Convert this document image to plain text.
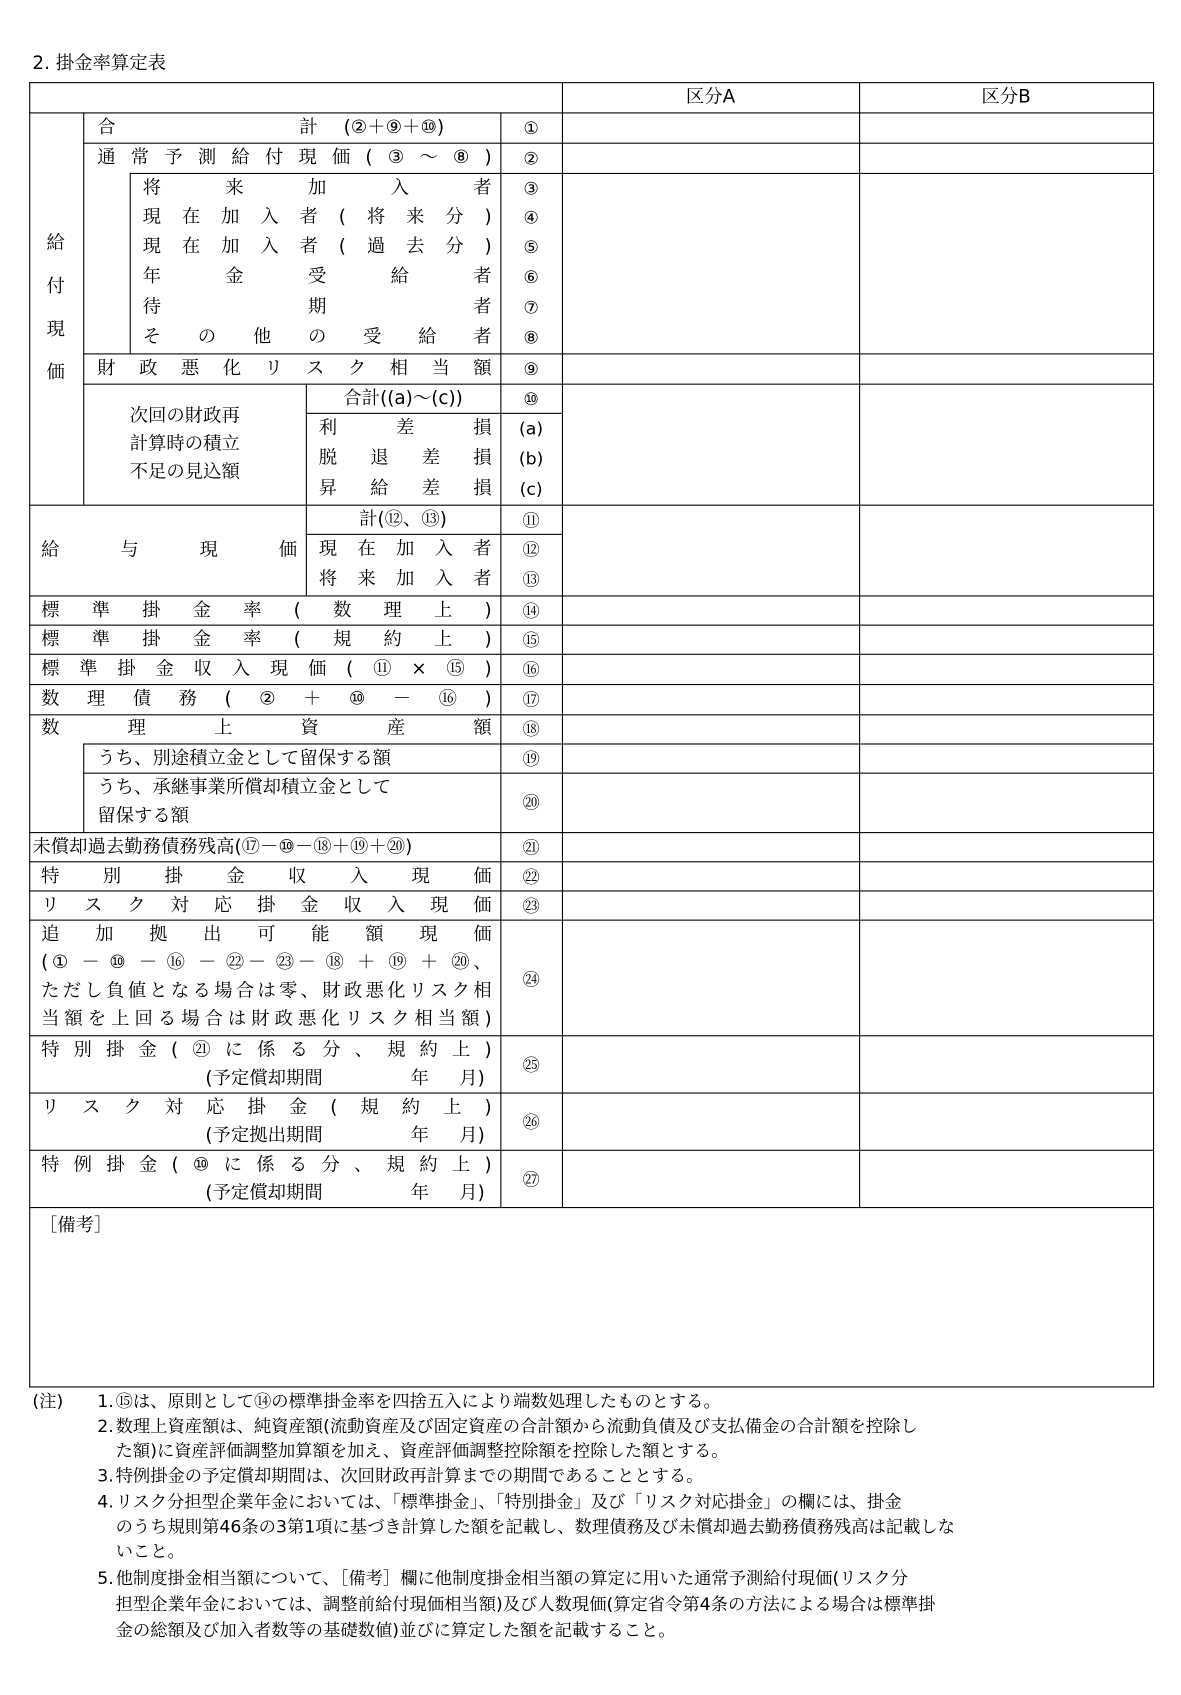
2. 掛金率算定表
区分A	区分B
給
付
現
価
合　　　　　　　　　　計 (②＋⑨＋⑩)	①
通常予測給付現価(③～⑧)	②
将来加入者	③
現在加入者(将来分)	④
現在加入者(過去分)	⑤
年金受給者	⑥
待　　　期　　　者	⑦
その他の受給者	⑧
財政悪化リスク相当額	⑨
次回の財政再
計算時の積立
不足の見込額
合計((a)～(c))	⑩
利　差　損	(a)
脱退差損	(b)
昇給差損	(c)
給与現価
計(⑫、⑬)	⑪
現在加入者	⑫
将来加入者	⑬
標準掛金率(数理上)	⑭
標準掛金率(規約上)	⑮
標準掛金収入現価(⑪×⑮)	⑯
数理債務(②＋⑩－⑯)	⑰
数理上資産額	⑱
うち、別途積立金として留保する額	⑲
うち、承継事業所償却積立金として
留保する額
⑳
未償却過去勤務債務残高(⑰－⑩－⑱＋⑲＋⑳)	㉑
特別掛金収入現価	㉒
リスク対応掛金収入現価	㉓
追加拠出可能額現価
(① － ⑩ － ⑯ － ㉒－ ㉓－ ⑱ ＋ ⑲ ＋ ⑳、
ただし負値となる場合は零、財政悪化リスク相
当額を上回る場合は財政悪化リスク相当額)
㉔
特別掛金(㉑に係る分、規約上)
(予定償却期間	年 月)
㉕
リスク対応掛金(規約上)
(予定拠出期間	年 月)
㉖
特例掛金(⑩に係る分、規約上)
(予定償却期間	年 月)
㉗
［備考］
(注) 1. ⑮は、原則として⑭の標準掛金率を四捨五入により端数処理したものとする。
2. 数理上資産額は、純資産額(流動資産及び固定資産の合計額から流動負債及び支払備金の合計額を控除し
た額)に資産評価調整加算額を加え、資産評価調整控除額を控除した額とする。
3. 特例掛金の予定償却期間は、次回財政再計算までの期間であることとする。
4. リスク分担型企業年金においては、「標準掛金」、「特別掛金」及び「リスク対応掛金」の欄には、掛金
のうち規則第46条の3第1項に基づき計算した額を記載し、数理債務及び未償却過去勤務債務残高は記載しな
いこと。
5. 他制度掛金相当額について、［備考］欄に他制度掛金相当額の算定に用いた通常予測給付現価(リスク分
担型企業年金においては、調整前給付現価相当額)及び人数現価(算定省令第4条の方法による場合は標準掛
金の総額及び加入者数等の基礎数値)並びに算定した額を記載すること。
